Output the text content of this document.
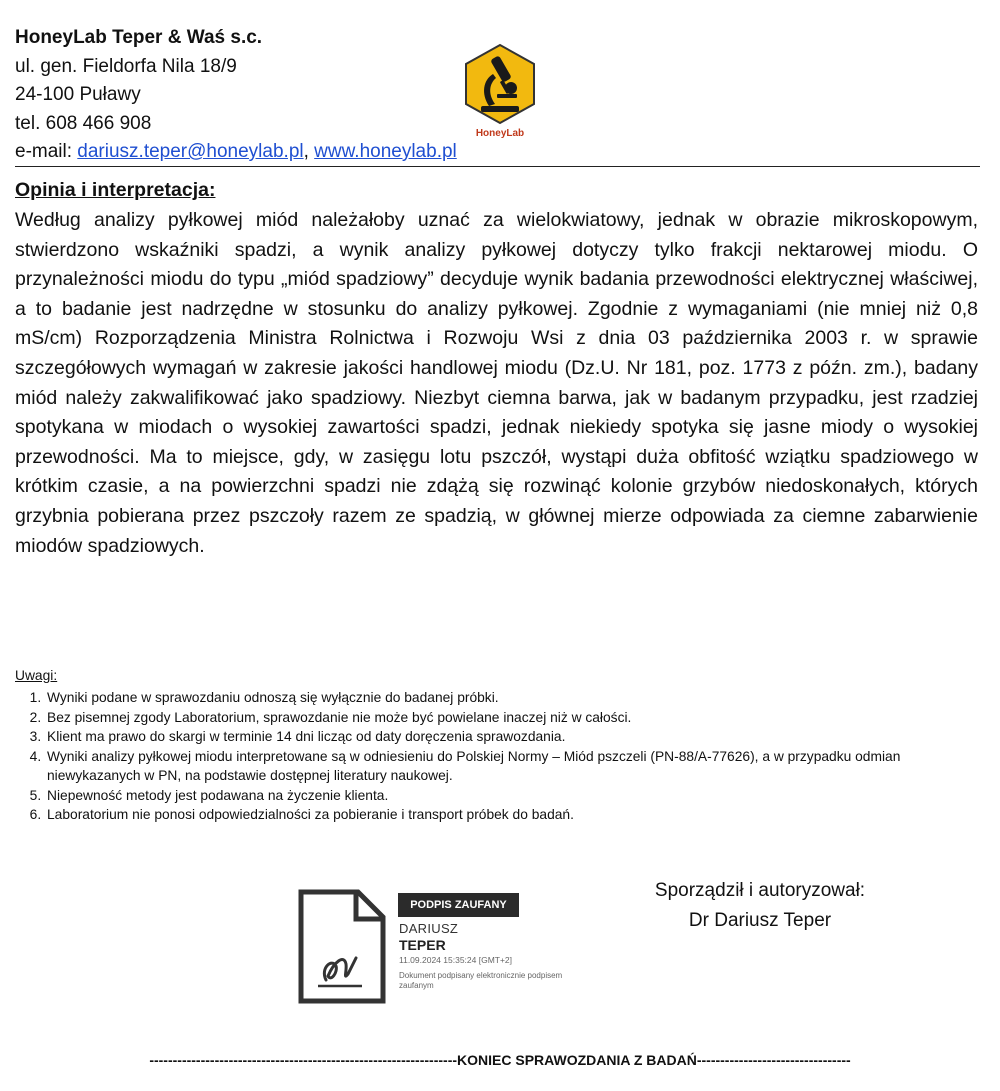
HoneyLab Teper & Waś s.c.
ul. gen. Fieldorfa Nila 18/9
24-100 Puławy
tel. 608 466 908
e-mail: dariusz.teper@honeylab.pl, www.honeylab.pl
HoneyLab
Opinia i interpretacja:

Według analizy pyłkowej miód należałoby uznać za wielokwiatowy, jednak w obrazie mikroskopowym, stwierdzono wskaźniki spadzi, a wynik analizy pyłkowej dotyczy tylko frakcji nektarowej miodu. O przynależności miodu do typu „miód spadziowy” decyduje wynik badania przewodności elektrycznej właściwej, a to badanie jest nadrzędne w stosunku do analizy pyłkowej. Zgodnie z wymaganiami (nie mniej niż 0,8 mS/cm) Rozporządzenia Ministra Rolnictwa i Rozwoju Wsi z dnia 03 października 2003 r. w sprawie szczegółowych wymagań w zakresie jakości handlowej miodu (Dz.U. Nr 181, poz. 1773 z późn. zm.), badany miód należy zakwalifikować jako spadziowy. Niezbyt ciemna barwa, jak w badanym przypadku, jest rzadziej spotykana w miodach o wysokiej zawartości spadzi, jednak niekiedy spotyka się jasne miody o wysokiej przewodności. Ma to miejsce, gdy, w zasięgu lotu pszczół, wystąpi duża obfitość wziątku spadziowego w krótkim czasie, a na powierzchni spadzi nie zdążą się rozwinąć kolonie grzybów niedoskonałych, których grzybnia pobierana przez pszczoły razem ze spadzią, w głównej mierze odpowiada za ciemne zabarwienie miodów spadziowych.

Uwagi:
1. Wyniki podane w sprawozdaniu odnoszą się wyłącznie do badanej próbki.
2. Bez pisemnej zgody Laboratorium, sprawozdanie nie może być powielane inaczej niż w całości.
3. Klient ma prawo do skargi w terminie 14 dni licząc od daty doręczenia sprawozdania.
4. Wyniki analizy pyłkowej miodu interpretowane są w odniesieniu do Polskiej Normy – Miód pszczeli (PN-88/A-77626), a w przypadku odmian niewykazanych w PN, na podstawie dostępnej literatury naukowej.
5. Niepewność metody jest podawana na życzenie klienta.
6. Laboratorium nie ponosi odpowiedzialności za pobieranie i transport próbek do badań.
PODPIS ZAUFANY
DARIUSZ
TEPER
11.09.2024 15:35:24 [GMT+2]
Dokument podpisany elektronicznie podpisem zaufanym
Sporządził i autoryzował:
Dr Dariusz Teper
------------------------------------------------------------------KONIEC SPRAWOZDANIA Z BADAŃ---------------------------------
